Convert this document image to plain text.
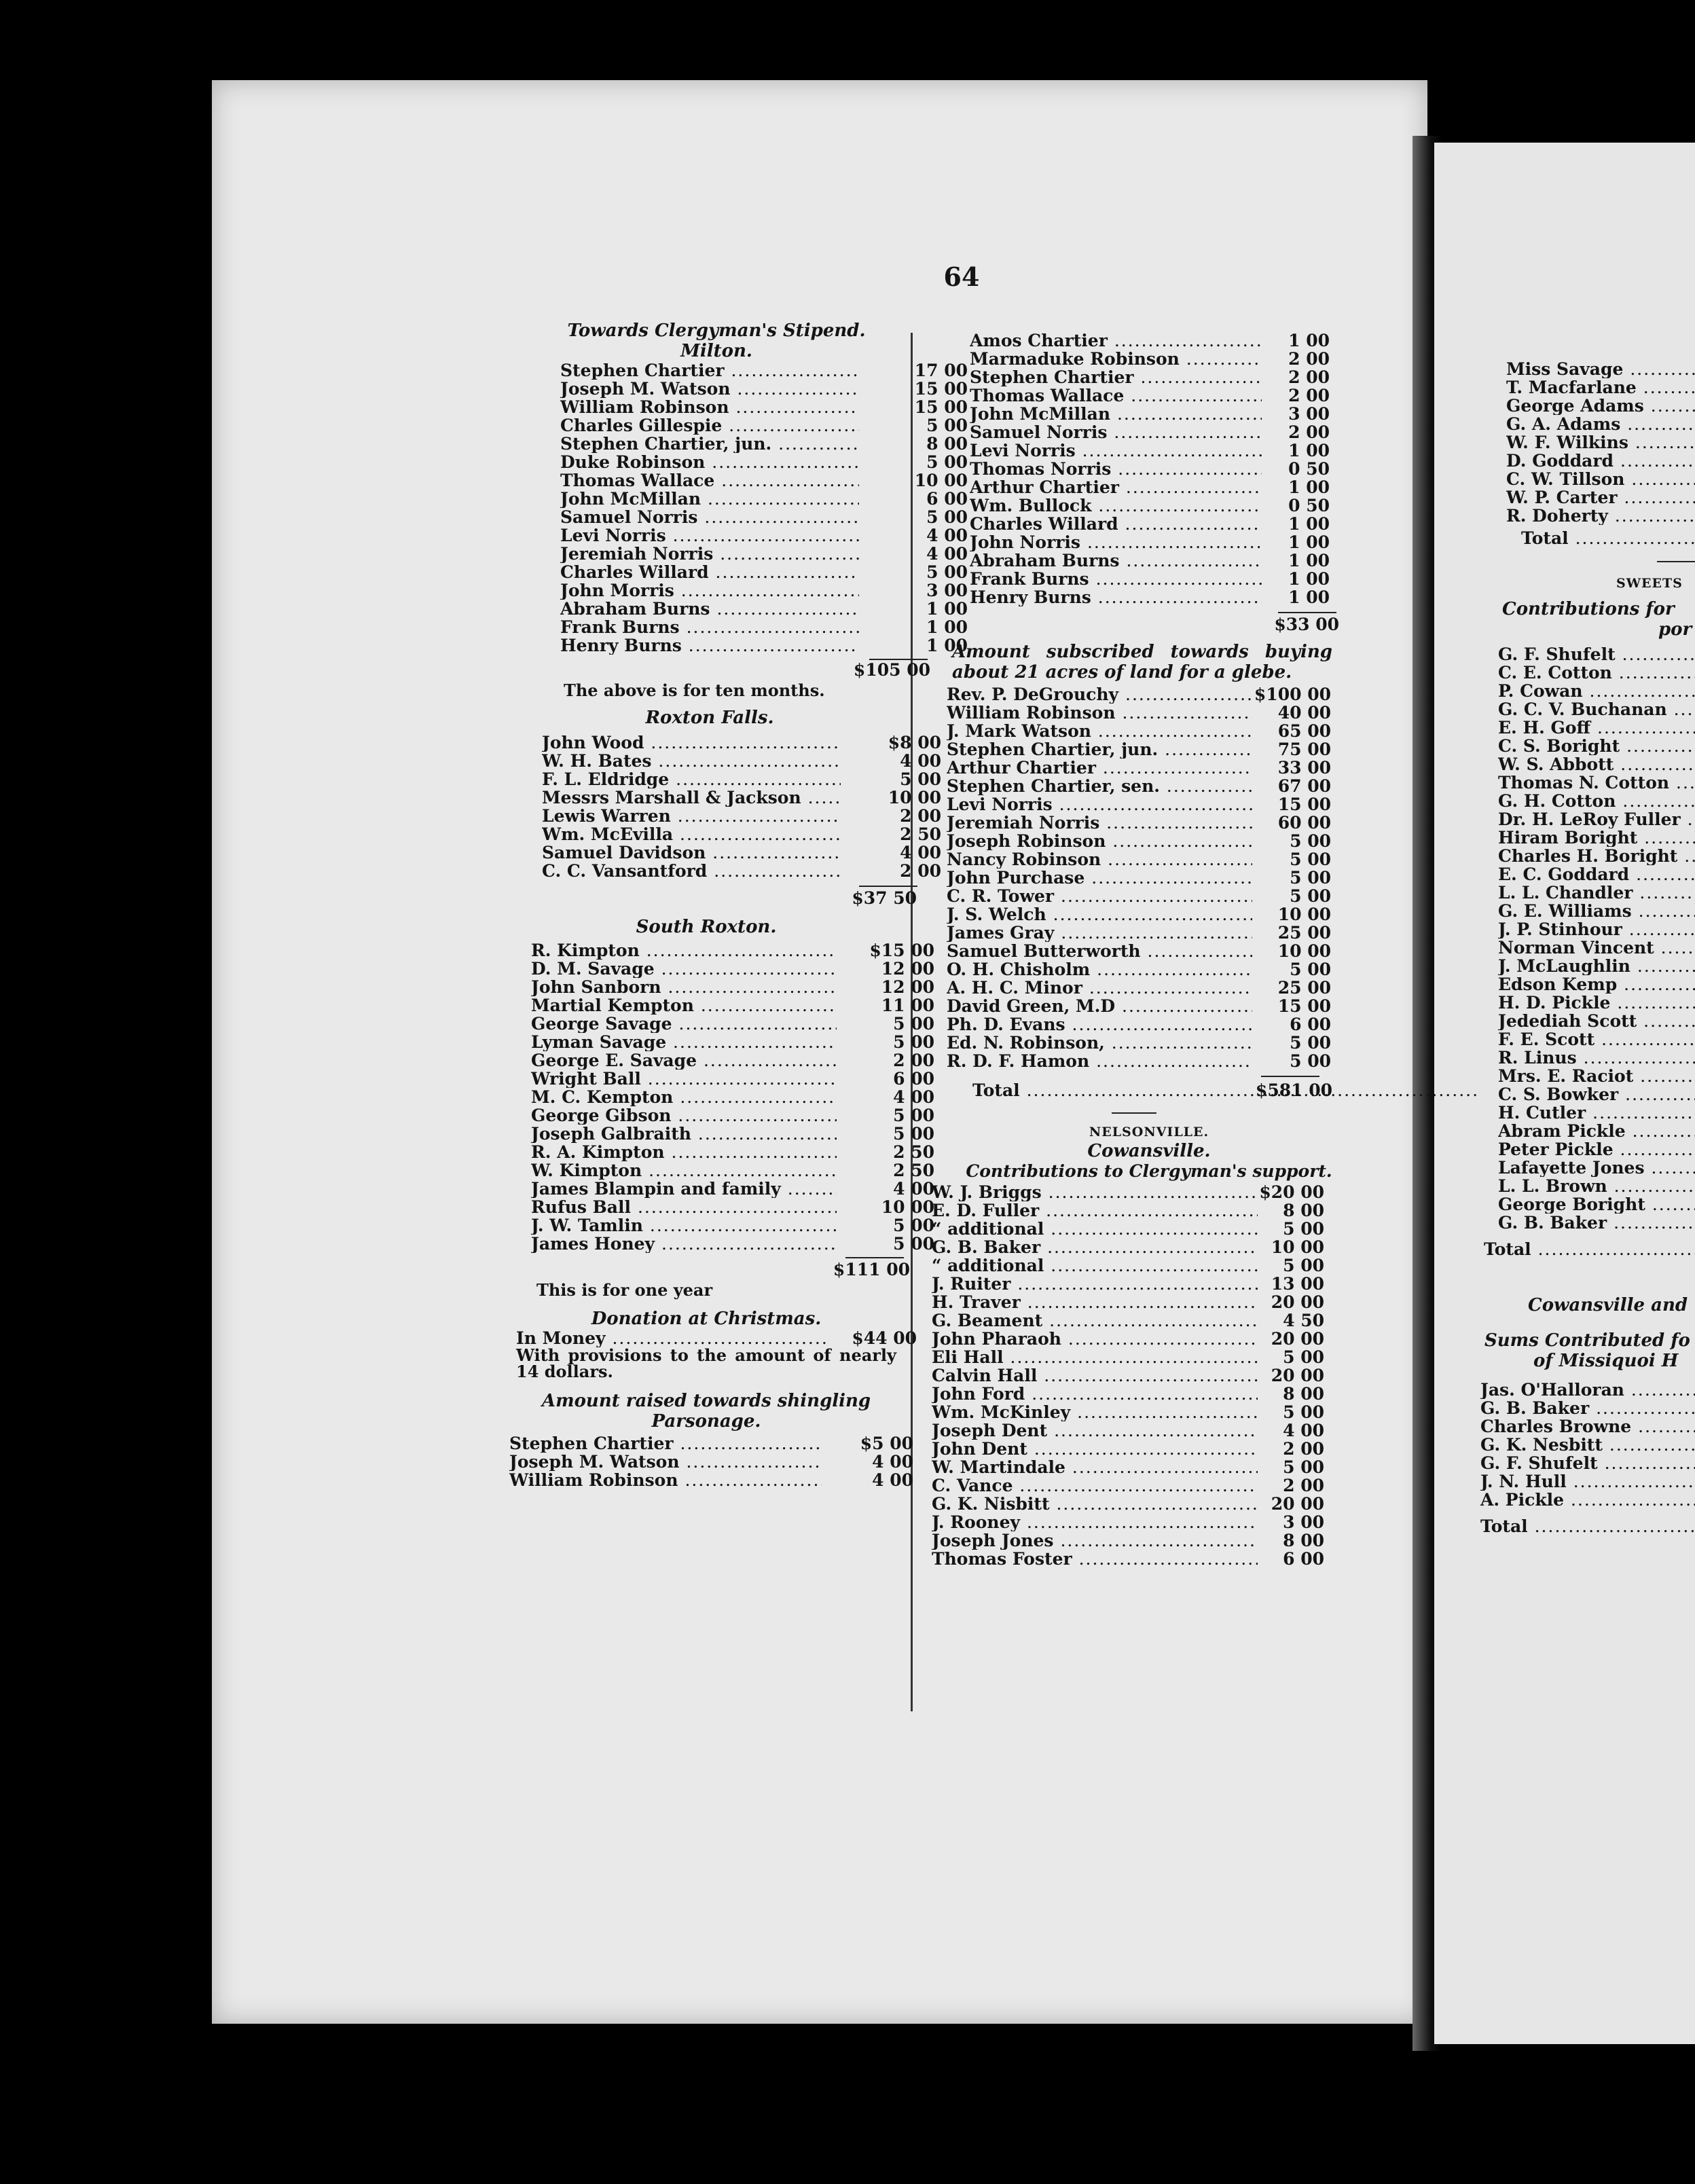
64
Towards Clergyman's Stipend.
Milton.
Stephen Chartier .....	17 00
Joseph M. Watson .....	15 00
William Robinson .....	15 00
Charles Gillespie .....	5 00
Stephen Chartier, jun. .....	8 00
Duke Robinson .....	5 00
Thomas Wallace .....	10 00
John McMillan .....	6 00
Samuel Norris .....	5 00
Levi Norris .....	4 00
Jeremiah Norris .....	4 00
Charles Willard .....	5 00
John Morris .....	3 00
Abraham Burns .....	1 00
Frank Burns .....	1 00
Henry Burns .....	1 00
$105 00
The above is for ten months.
Roxton Falls.
John Wood .....	$8 00
W. H. Bates .....	4 00
F. L. Eldridge .....	5 00
Messrs Marshall & Jackson .....	10 00
Lewis Warren .....	2 00
Wm. McEvilla .....	2 50
Samuel Davidson .....	4 00
C. C. Vansantford .....	2 00
$37 50
South Roxton.
R. Kimpton .....	$15 00
D. M. Savage .....	12 00
John Sanborn .....	12 00
Martial Kempton .....	11 00
George Savage .....	5 00
Lyman Savage .....	5 00
George E. Savage .....	2 00
Wright Ball .....	6 00
M. C. Kempton .....	4 00
George Gibson .....	5 00
Joseph Galbraith .....	5 00
R. A. Kimpton .....	2 50
W. Kimpton .....	2 50
James Blampin and family .....	4 00
Rufus Ball .....	10 00
J. W. Tamlin .....	5 00
James Honey .....	5 00
$111 00
This is for one year
Donation at Christmas.
In Money .....	$44 00
With provisions to the amount of nearly 14 dollars.
Amount raised towards shingling Parsonage.
Stephen Chartier .....	$5 00
Joseph M. Watson .....	4 00
William Robinson .....	4 00
Amos Chartier .....	1 00
Marmaduke Robinson .....	2 00
Stephen Chartier .....	2 00
Thomas Wallace .....	2 00
John McMillan .....	3 00
Samuel Norris .....	2 00
Levi Norris .....	1 00
Thomas Norris .....	0 50
Arthur Chartier .....	1 00
Wm. Bullock .....	0 50
Charles Willard .....	1 00
John Norris .....	1 00
Abraham Burns .....	1 00
Frank Burns .....	1 00
Henry Burns .....	1 00
$33 00
Amount subscribed towards buying about 21 acres of land for a glebe.
Rev. P. DeGrouchy .....	$100 00
William Robinson .....	40 00
J. Mark Watson .....	65 00
Stephen Chartier, jun. .....	75 00
Arthur Chartier .....	33 00
Stephen Chartier, sen. .....	67 00
Levi Norris .....	15 00
Jeremiah Norris .....	60 00
Joseph Robinson .....	5 00
Nancy Robinson .....	5 00
John Purchase .....	5 00
C. R. Tower .....	5 00
J. S. Welch .....	10 00
James Gray .....	25 00
Samuel Butterworth .....	10 00
O. H. Chisholm .....	5 00
A. H. C. Minor .....	25 00
David Green, M.D .....	15 00
Ph. D. Evans .....	6 00
Ed. N. Robinson, .....	5 00
R. D. F. Hamon .....	5 00
Total .....	$581 00
NELSONVILLE.
Cowansville.
Contributions to Clergyman's support.
W. J. Briggs .....	$20 00
E. D. Fuller .....	8 00
“ additional .....	5 00
G. B. Baker .....	10 00
“ additional .....	5 00
J. Ruiter .....	13 00
H. Traver .....	20 00
G. Beament .....	4 50
John Pharaoh .....	20 00
Eli Hall .....	5 00
Calvin Hall .....	20 00
John Ford .....	8 00
Wm. McKinley .....	5 00
Joseph Dent .....	4 00
John Dent .....	2 00
W. Martindale .....	5 00
C. Vance .....	2 00
G. K. Nisbitt .....	20 00
J. Rooney .....	3 00
Joseph Jones .....	8 00
Thomas Foster .....	6 00
Miss Savage .....
T. Macfarlane .....
George Adams .....
G. A. Adams .....
W. F. Wilkins .....
D. Goddard .....
C. W. Tillson .....
W. P. Carter .....
R. Doherty .....
Total .....
SWEETS
Contributions for
por
G. F. Shufelt .....
C. E. Cotton .....
P. Cowan .....
G. C. V. Buchanan .....
E. H. Goff .....
C. S. Boright .....
W. S. Abbott .....
Thomas N. Cotton .....
G. H. Cotton .....
Dr. H. LeRoy Fuller .....
Hiram Boright .....
Charles H. Boright .....
E. C. Goddard .....
L. L. Chandler .....
G. E. Williams .....
J. P. Stinhour .....
Norman Vincent .....
J. McLaughlin .....
Edson Kemp .....
H. D. Pickle .....
Jedediah Scott .....
F. E. Scott .....
R. Linus .....
Mrs. E. Raciot .....
C. S. Bowker .....
H. Cutler .....
Abram Pickle .....
Peter Pickle .....
Lafayette Jones .....
L. L. Brown .....
George Boright .....
G. B. Baker .....
Total .....
Cowansville and
Sums Contributed fo
of Missiquoi H
Jas. O'Halloran .....
G. B. Baker .....
Charles Browne .....
G. K. Nesbitt .....
G. F. Shufelt .....
J. N. Hull .....
A. Pickle .....
Total .....
